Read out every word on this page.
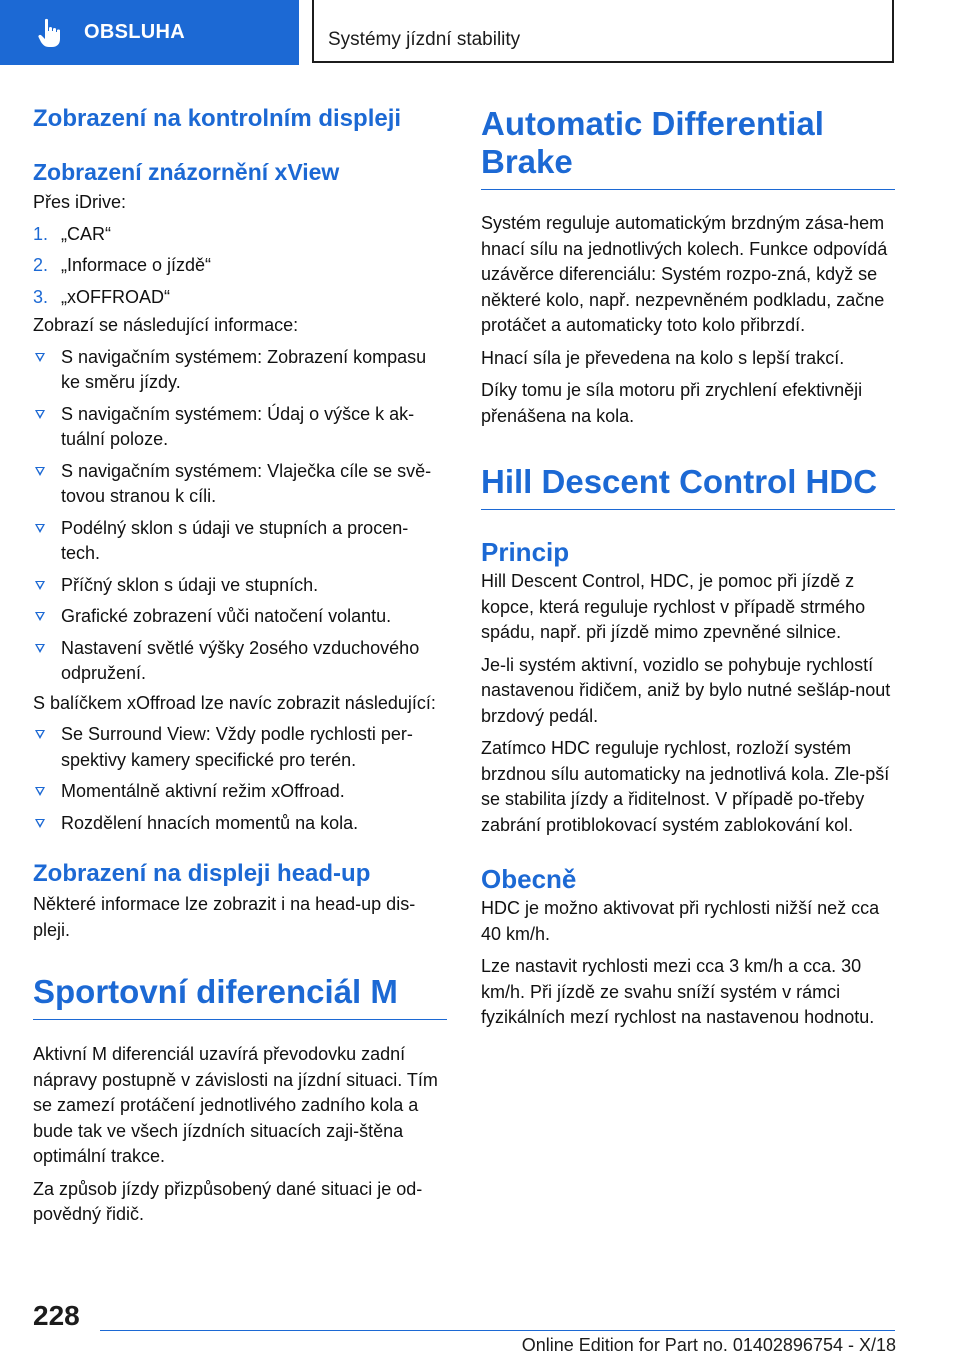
OBSLUHA	Systémy jízdní stability
Zobrazení na kontrolním displeji
Zobrazení znázornění xView

Přes iDrive:

1. „CAR“
2. „Informace o jízdě“
3. „xOFFROAD“

Zobrazí se následující informace:

S navigačním systémem: Zobrazení kompasu ke směru jízdy.
S navigačním systémem: Údaj o výšce k ak-tuální poloze.
S navigačním systémem: Vlaječka cíle se svě-tovou stranou k cíli.
Podélný sklon s údaji ve stupních a procen-tech.
Příčný sklon s údaji ve stupních.
Grafické zobrazení vůči natočení volantu.
Nastavení světlé výšky 2osého vzduchového odpružení.

S balíčkem xOffroad lze navíc zobrazit následující:

Se Surround View: Vždy podle rychlosti per-spektivy kamery specifické pro terén.
Momentálně aktivní režim xOffroad.
Rozdělení hnacích momentů na kola.
Zobrazení na displeji head-up

Některé informace lze zobrazit i na head-up dis-pleji.

Sportovní diferenciál M

Aktivní M diferenciál uzavírá převodovku zadní nápravy postupně v závislosti na jízdní situaci. Tím se zamezí protáčení jednotlivého zadního kola a bude tak ve všech jízdních situacích zaji-štěna optimální trakce.

Za způsob jízdy přizpůsobený dané situaci je od-povědný řidič.

Automatic Differential Brake

Systém reguluje automatickým brzdným zása-hem hnací sílu na jednotlivých kolech. Funkce odpovídá uzávěrce diferenciálu: Systém rozpo-zná, když se některé kolo, např. nezpevněném podkladu, začne protáčet a automaticky toto kolo přibrzdí.

Hnací síla je převedena na kolo s lepší trakcí.

Díky tomu je síla motoru při zrychlení efektivněji přenášena na kola.

Hill Descent Control HDC
Princip

Hill Descent Control, HDC, je pomoc při jízdě z kopce, která reguluje rychlost v případě strmého spádu, např. při jízdě mimo zpevněné silnice.

Je-li systém aktivní, vozidlo se pohybuje rychlostí nastavenou řidičem, aniž by bylo nutné sešláp-nout brzdový pedál.

Zatímco HDC reguluje rychlost, rozloží systém brzdnou sílu automaticky na jednotlivá kola. Zle-pší se stabilita jízdy a řiditelnost. V případě po-třeby zabrání protiblokovací systém zablokování kol.

Obecně

HDC je možno aktivovat při rychlosti nižší než cca 40 km/h.

Lze nastavit rychlosti mezi cca 3 km/h a cca. 30 km/h. Při jízdě ze svahu sníží systém v rámci fyzikálních mezí rychlost na nastavenou hodnotu.

228
Online Edition for Part no. 01402896754 - X/18
